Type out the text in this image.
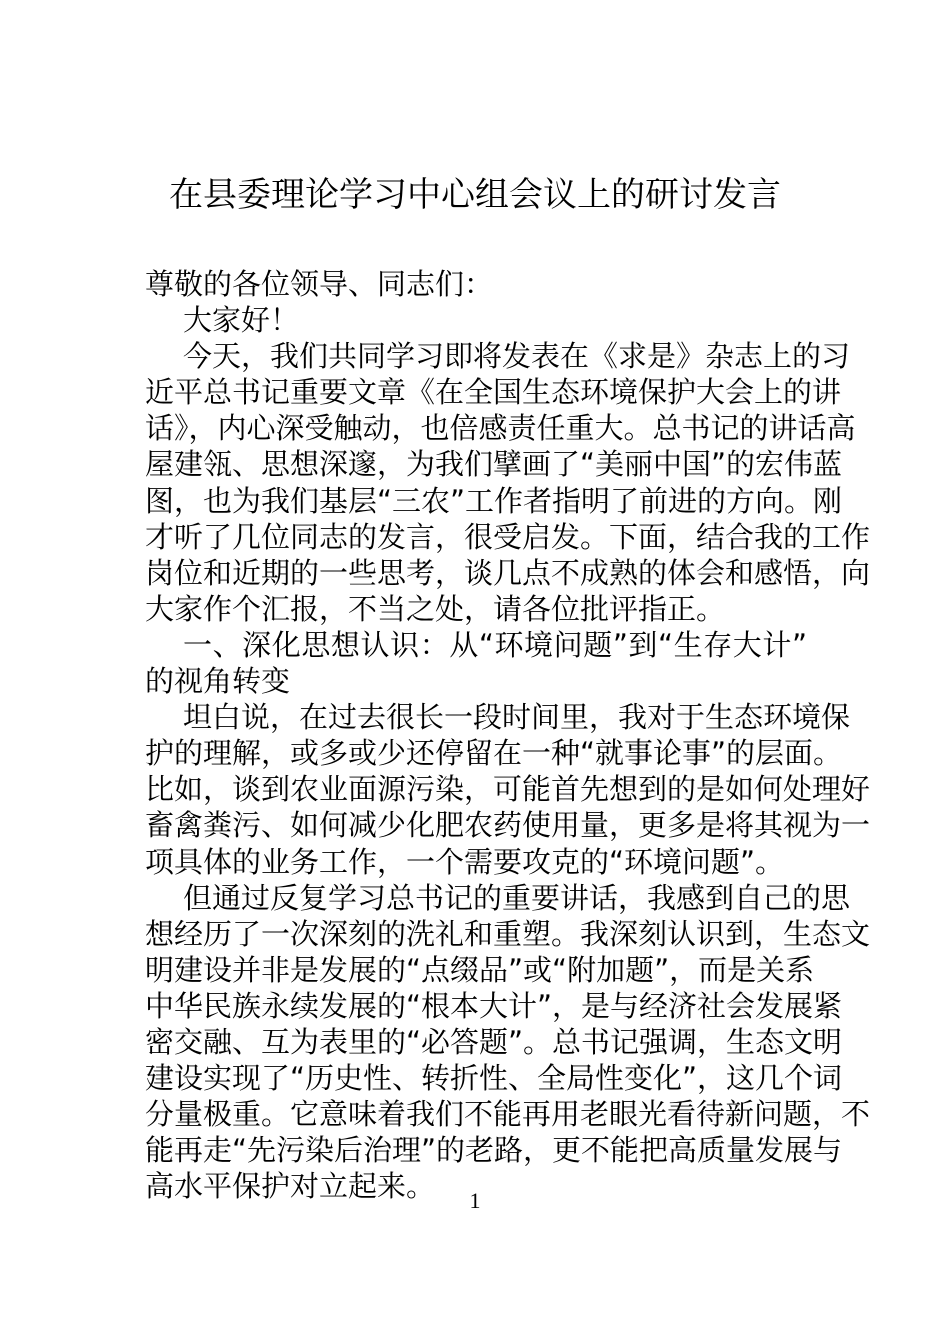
在县委理论学习中心组会议上的研讨发言
尊敬的各位领导、同志们：
大家好！
今天，我们共同学习即将发表在《求是》杂志上的习
近平总书记重要文章《在全国生态环境保护大会上的讲
话》，内心深受触动，也倍感责任重大。总书记的讲话高
屋建瓴、思想深邃，为我们擘画了“美丽中国”的宏伟蓝
图，也为我们基层“三农”工作者指明了前进的方向。刚
才听了几位同志的发言，很受启发。下面，结合我的工作
岗位和近期的一些思考，谈几点不成熟的体会和感悟，向
大家作个汇报，不当之处，请各位批评指正。
一、深化思想认识：从“环境问题”到“生存大计”
的视角转变
坦白说，在过去很长一段时间里，我对于生态环境保
护的理解，或多或少还停留在一种“就事论事”的层面。
比如，谈到农业面源污染，可能首先想到的是如何处理好
畜禽粪污、如何减少化肥农药使用量，更多是将其视为一
项具体的业务工作，一个需要攻克的“环境问题”。
但通过反复学习总书记的重要讲话，我感到自己的思
想经历了一次深刻的洗礼和重塑。我深刻认识到，生态文
明建设并非是发展的“点缀品”或“附加题”，而是关系
中华民族永续发展的“根本大计”，是与经济社会发展紧
密交融、互为表里的“必答题”。总书记强调，生态文明
建设实现了“历史性、转折性、全局性变化”，这几个词
分量极重。它意味着我们不能再用老眼光看待新问题，不
能再走“先污染后治理”的老路，更不能把高质量发展与
高水平保护对立起来。	1
